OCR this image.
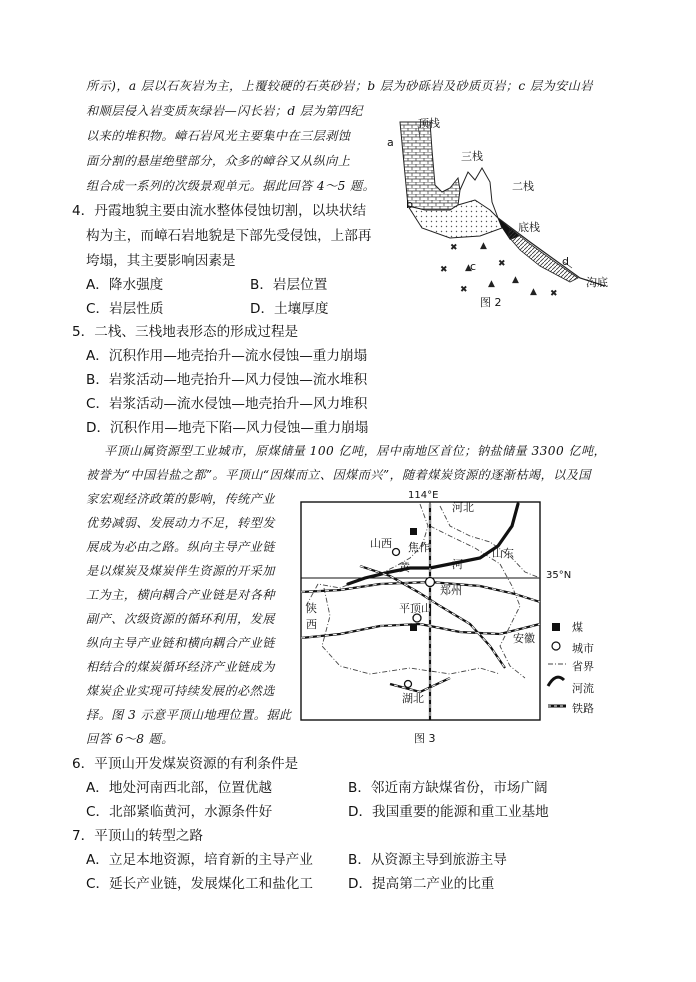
所示)，a 层以石灰岩为主，上覆较硬的石英砂岩；b 层为砂砾岩及砂质页岩；c 层为安山岩
和顺层侵入岩变质灰绿岩—闪长岩；d 层为第四纪
以来的堆积物。嶂石岩风光主要集中在三层剥蚀
面分割的悬崖绝壁部分，众多的嶂谷又从纵向上
组合成一系列的次级景观单元。据此回答 4～5 题。
✖ ▲
▲	✖
✖
▲ ▲
✖	✖
▲
顶栈
三栈
二栈
底栈
沟底
a
b
c	d
图 2
4．丹霞地貌主要由流水整体侵蚀切割，以块状结
构为主，而嶂石岩地貌是下部先受侵蚀，上部再
垮塌，其主要影响因素是
A．降水强度	B．岩层位置
C．岩层性质	D．土壤厚度
5．二栈、三栈地表形态的形成过程是
A．沉积作用—地壳抬升—流水侵蚀—重力崩塌
B．岩浆活动—地壳抬升—风力侵蚀—流水堆积
C．岩浆活动—流水侵蚀—地壳抬升—风力堆积
D．沉积作用—地壳下陷—风力侵蚀—重力崩塌
平顶山属资源型工业城市，原煤储量 100 亿吨，居中南地区首位；钠盐储量 3300 亿吨，
被誉为“中国岩盐之都”。平顶山“因煤而立、因煤而兴”，随着煤炭资源的逐渐枯竭，以及国
家宏观经济政策的影响，传统产业
优势减弱、发展动力不足，转型发
展成为必由之路。纵向主导产业链
是以煤炭及煤炭伴生资源的开采加
工为主，横向耦合产业链是对各种
副产、次级资源的循环利用，发展
纵向主导产业链和横向耦合产业链
相结合的煤炭循环经济产业链成为
煤炭企业实现可持续发展的必然选
择。图 3 示意平顶山地理位置。据此
回答 6～8 题。
114°E
35°N
河北
山西 焦作	山东
黄	河
郑州
平顶山
陕
西
安徽
湖北
煤
城市
省界
河流
铁路
图 3
6．平顶山开发煤炭资源的有利条件是
A．地处河南西北部，位置优越	B．邻近南方缺煤省份，市场广阔
C．北部紧临黄河，水源条件好	D．我国重要的能源和重工业基地
7．平顶山的转型之路
A．立足本地资源，培育新的主导产业	B．从资源主导到旅游主导
C．延长产业链，发展煤化工和盐化工	D．提高第二产业的比重
